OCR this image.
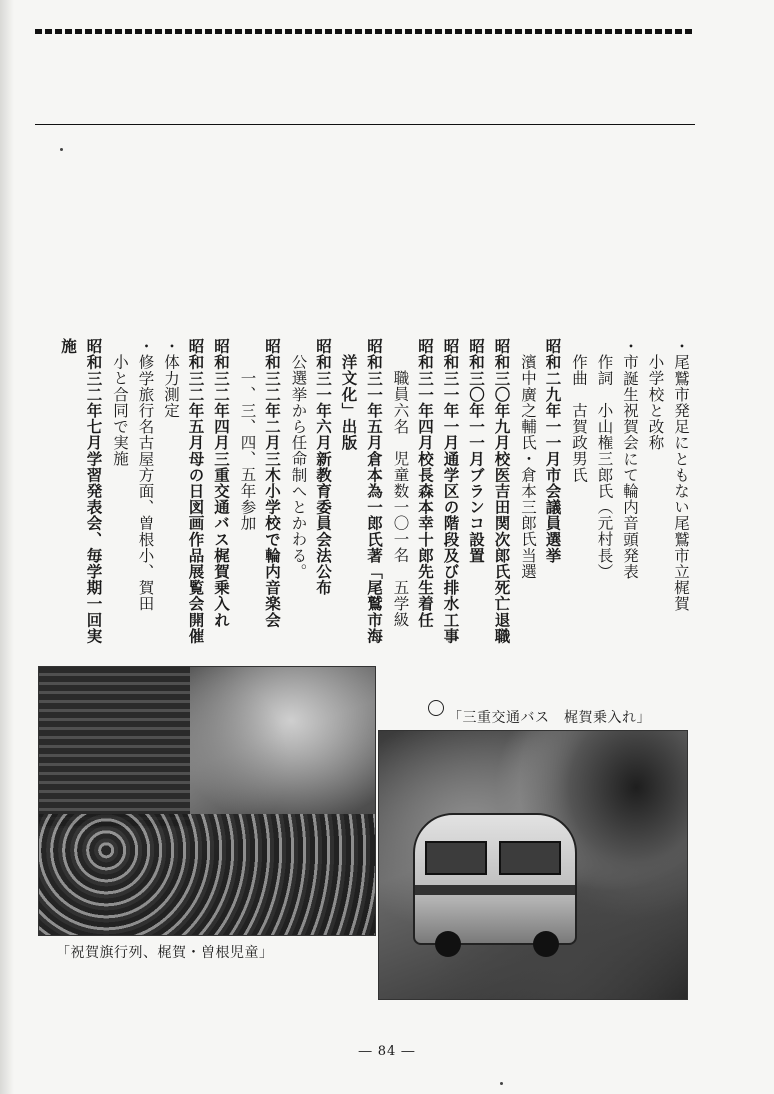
・尾鷲市発足にともない尾鷲市立梶賀
小学校と改称
・市誕生祝賀会にて輪内音頭発表
作詞　小山権三郎氏（元村長）
作曲　古賀政男氏
昭和二九年一一月市会議員選挙
濱中廣之輔氏・倉本三郎氏当選
昭和三〇年九月校医吉田関次郎氏死亡退職
昭和三〇年一一月ブランコ設置
昭和三一年一月通学区の階段及び排水工事
昭和三一年四月校長森本幸十郎先生着任
職員六名　児童数一〇一名　五学級
昭和三一年五月倉本為一郎氏著「尾鷲市海
洋文化」出版
昭和三一年六月新教育委員会法公布
公選挙から任命制へとかわる。
昭和三二年二月三木小学校で輪内音楽会
一、三、四、五年参加
昭和三二年四月三重交通バス梶賀乗入れ
昭和三二年五月母の日図画作品展覧会開催
・体力測定
・修学旅行名古屋方面、曽根小、賀田
小と合同で実施
昭和三二年七月学習発表会、毎学期一回実
施
「祝賀旗行列、梶賀・曽根児童」
「三重交通バス　梶賀乗入れ」
― 84 ―
